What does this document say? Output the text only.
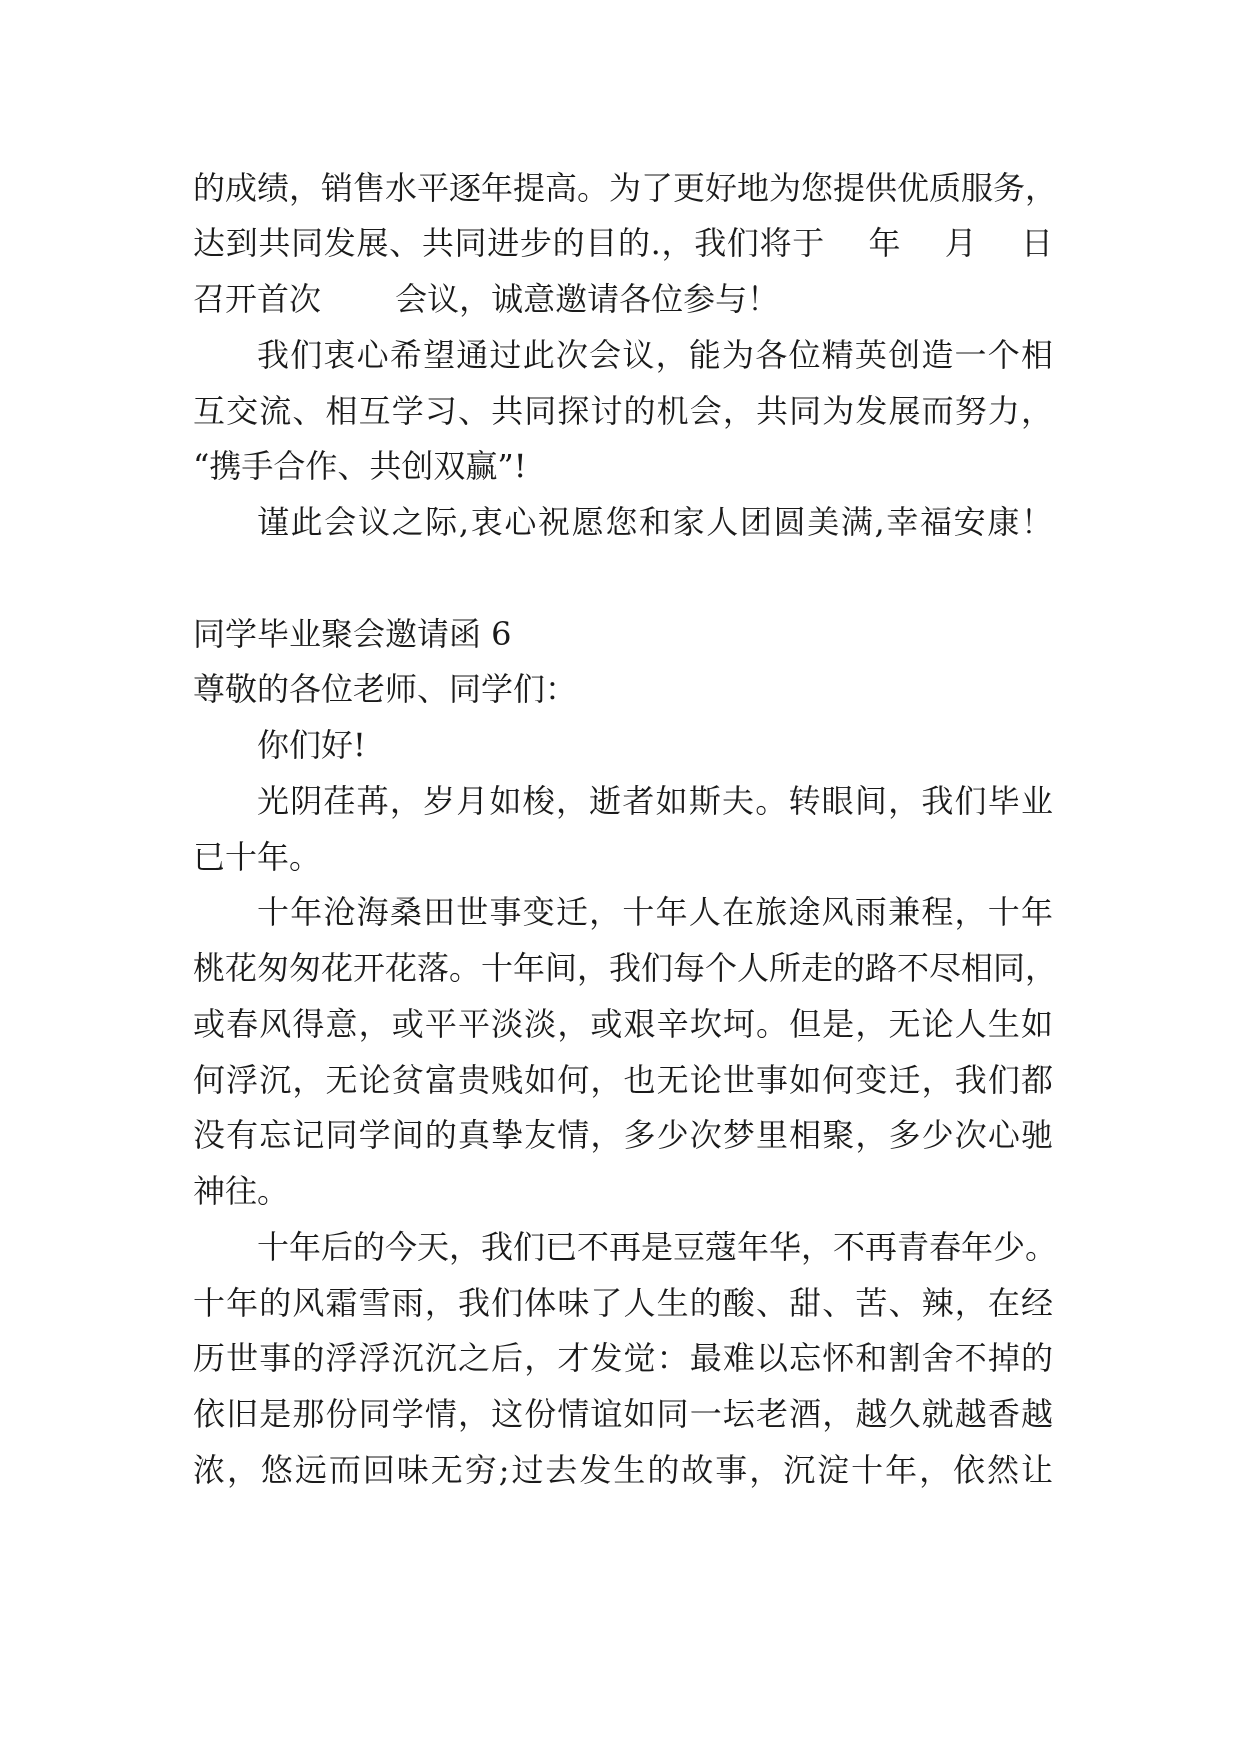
的成绩，销售水平逐年提高。为了更好地为您提供优质服务，
达到共同发展、共同进步的目的.，我们将于　 年　 月　 日
召开首次　　 会议，诚意邀请各位参与！
我们衷心希望通过此次会议，能为各位精英创造一个相
互交流、相互学习、共同探讨的机会，共同为发展而努力，
“携手合作、共创双赢”!
谨此会议之际,衷心祝愿您和家人团圆美满,幸福安康！
同学毕业聚会邀请函 6
尊敬的各位老师、同学们：
你们好!
光阴荏苒，岁月如梭，逝者如斯夫。转眼间，我们毕业
已十年。
十年沧海桑田世事变迁，十年人在旅途风雨兼程，十年
桃花匆匆花开花落。十年间，我们每个人所走的路不尽相同，
或春风得意，或平平淡淡，或艰辛坎坷。但是，无论人生如
何浮沉，无论贫富贵贱如何，也无论世事如何变迁，我们都
没有忘记同学间的真挚友情，多少次梦里相聚，多少次心驰
神往。
十年后的今天，我们已不再是豆蔻年华，不再青春年少。
十年的风霜雪雨，我们体味了人生的酸、甜、苦、辣，在经
历世事的浮浮沉沉之后，才发觉：最难以忘怀和割舍不掉的
依旧是那份同学情，这份情谊如同一坛老酒，越久就越香越
浓，悠远而回味无穷;过去发生的故事，沉淀十年，依然让
